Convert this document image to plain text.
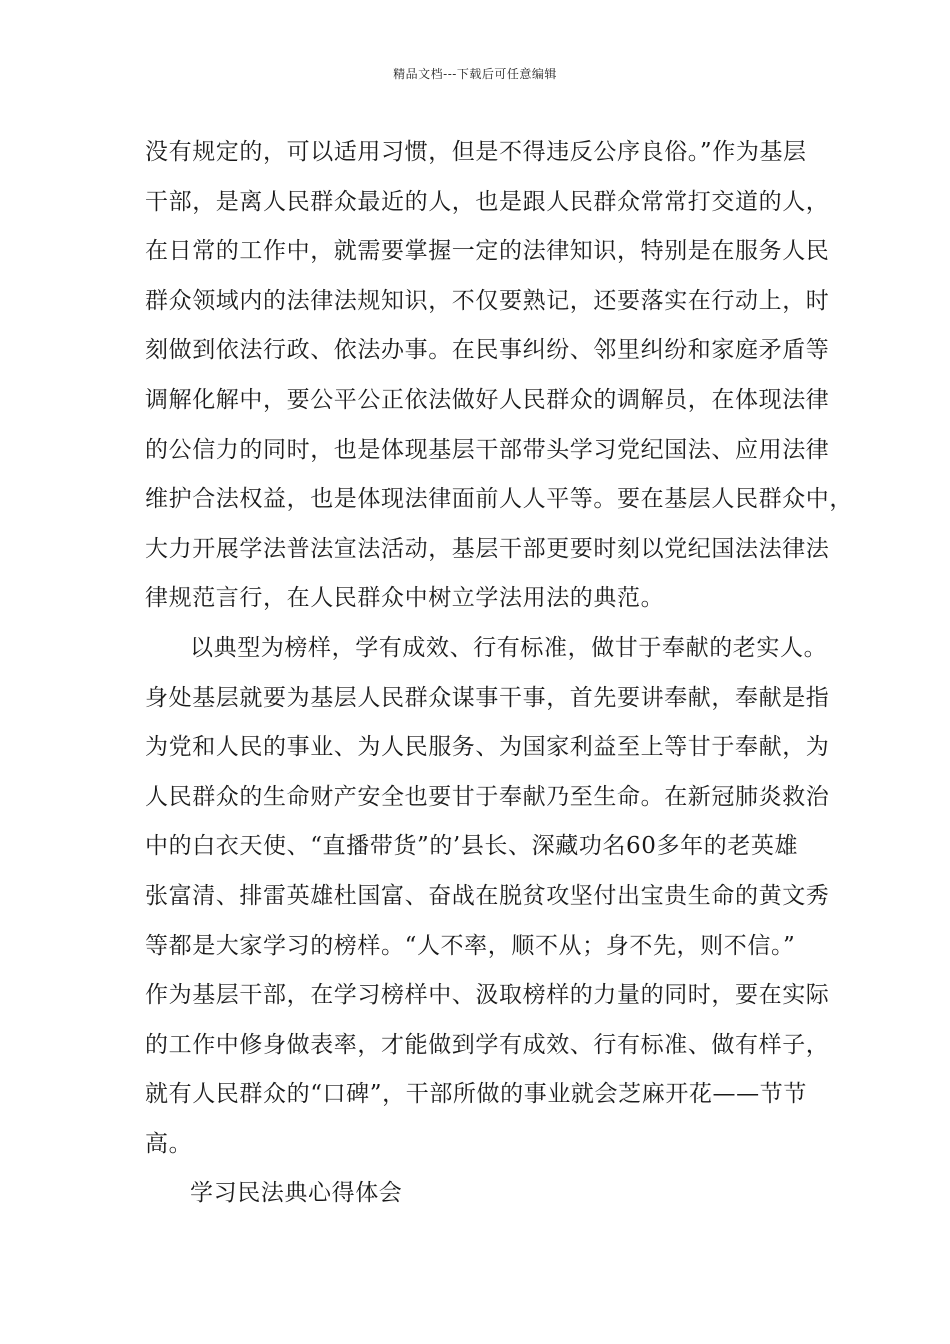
精品文档---下载后可任意编辑
没有规定的，可以适用习惯，但是不得违反公序良俗。”作为基层
干部，是离人民群众最近的人，也是跟人民群众常常打交道的人，
在日常的工作中，就需要掌握一定的法律知识，特别是在服务人民
群众领域内的法律法规知识，不仅要熟记，还要落实在行动上，时
刻做到依法行政、依法办事。在民事纠纷、邻里纠纷和家庭矛盾等
调解化解中，要公平公正依法做好人民群众的调解员，在体现法律
的公信力的同时，也是体现基层干部带头学习党纪国法、应用法律
维护合法权益，也是体现法律面前人人平等。要在基层人民群众中，
大力开展学法普法宣法活动，基层干部更要时刻以党纪国法法律法
律规范言行，在人民群众中树立学法用法的典范。
以典型为榜样，学有成效、行有标准，做甘于奉献的老实人。
身处基层就要为基层人民群众谋事干事，首先要讲奉献，奉献是指
为党和人民的事业、为人民服务、为国家利益至上等甘于奉献，为
人民群众的生命财产安全也要甘于奉献乃至生命。在新冠肺炎救治
中的白衣天使、“直播带货”的’县长、深藏功名60多年的老英雄
张富清、排雷英雄杜国富、奋战在脱贫攻坚付出宝贵生命的黄文秀
等都是大家学习的榜样。“人不率，顺不从；身不先，则不信。”
作为基层干部，在学习榜样中、汲取榜样的力量的同时，要在实际
的工作中修身做表率，才能做到学有成效、行有标准、做有样子，
就有人民群众的“口碑”，干部所做的事业就会芝麻开花——节节
高。
学习民法典心得体会
